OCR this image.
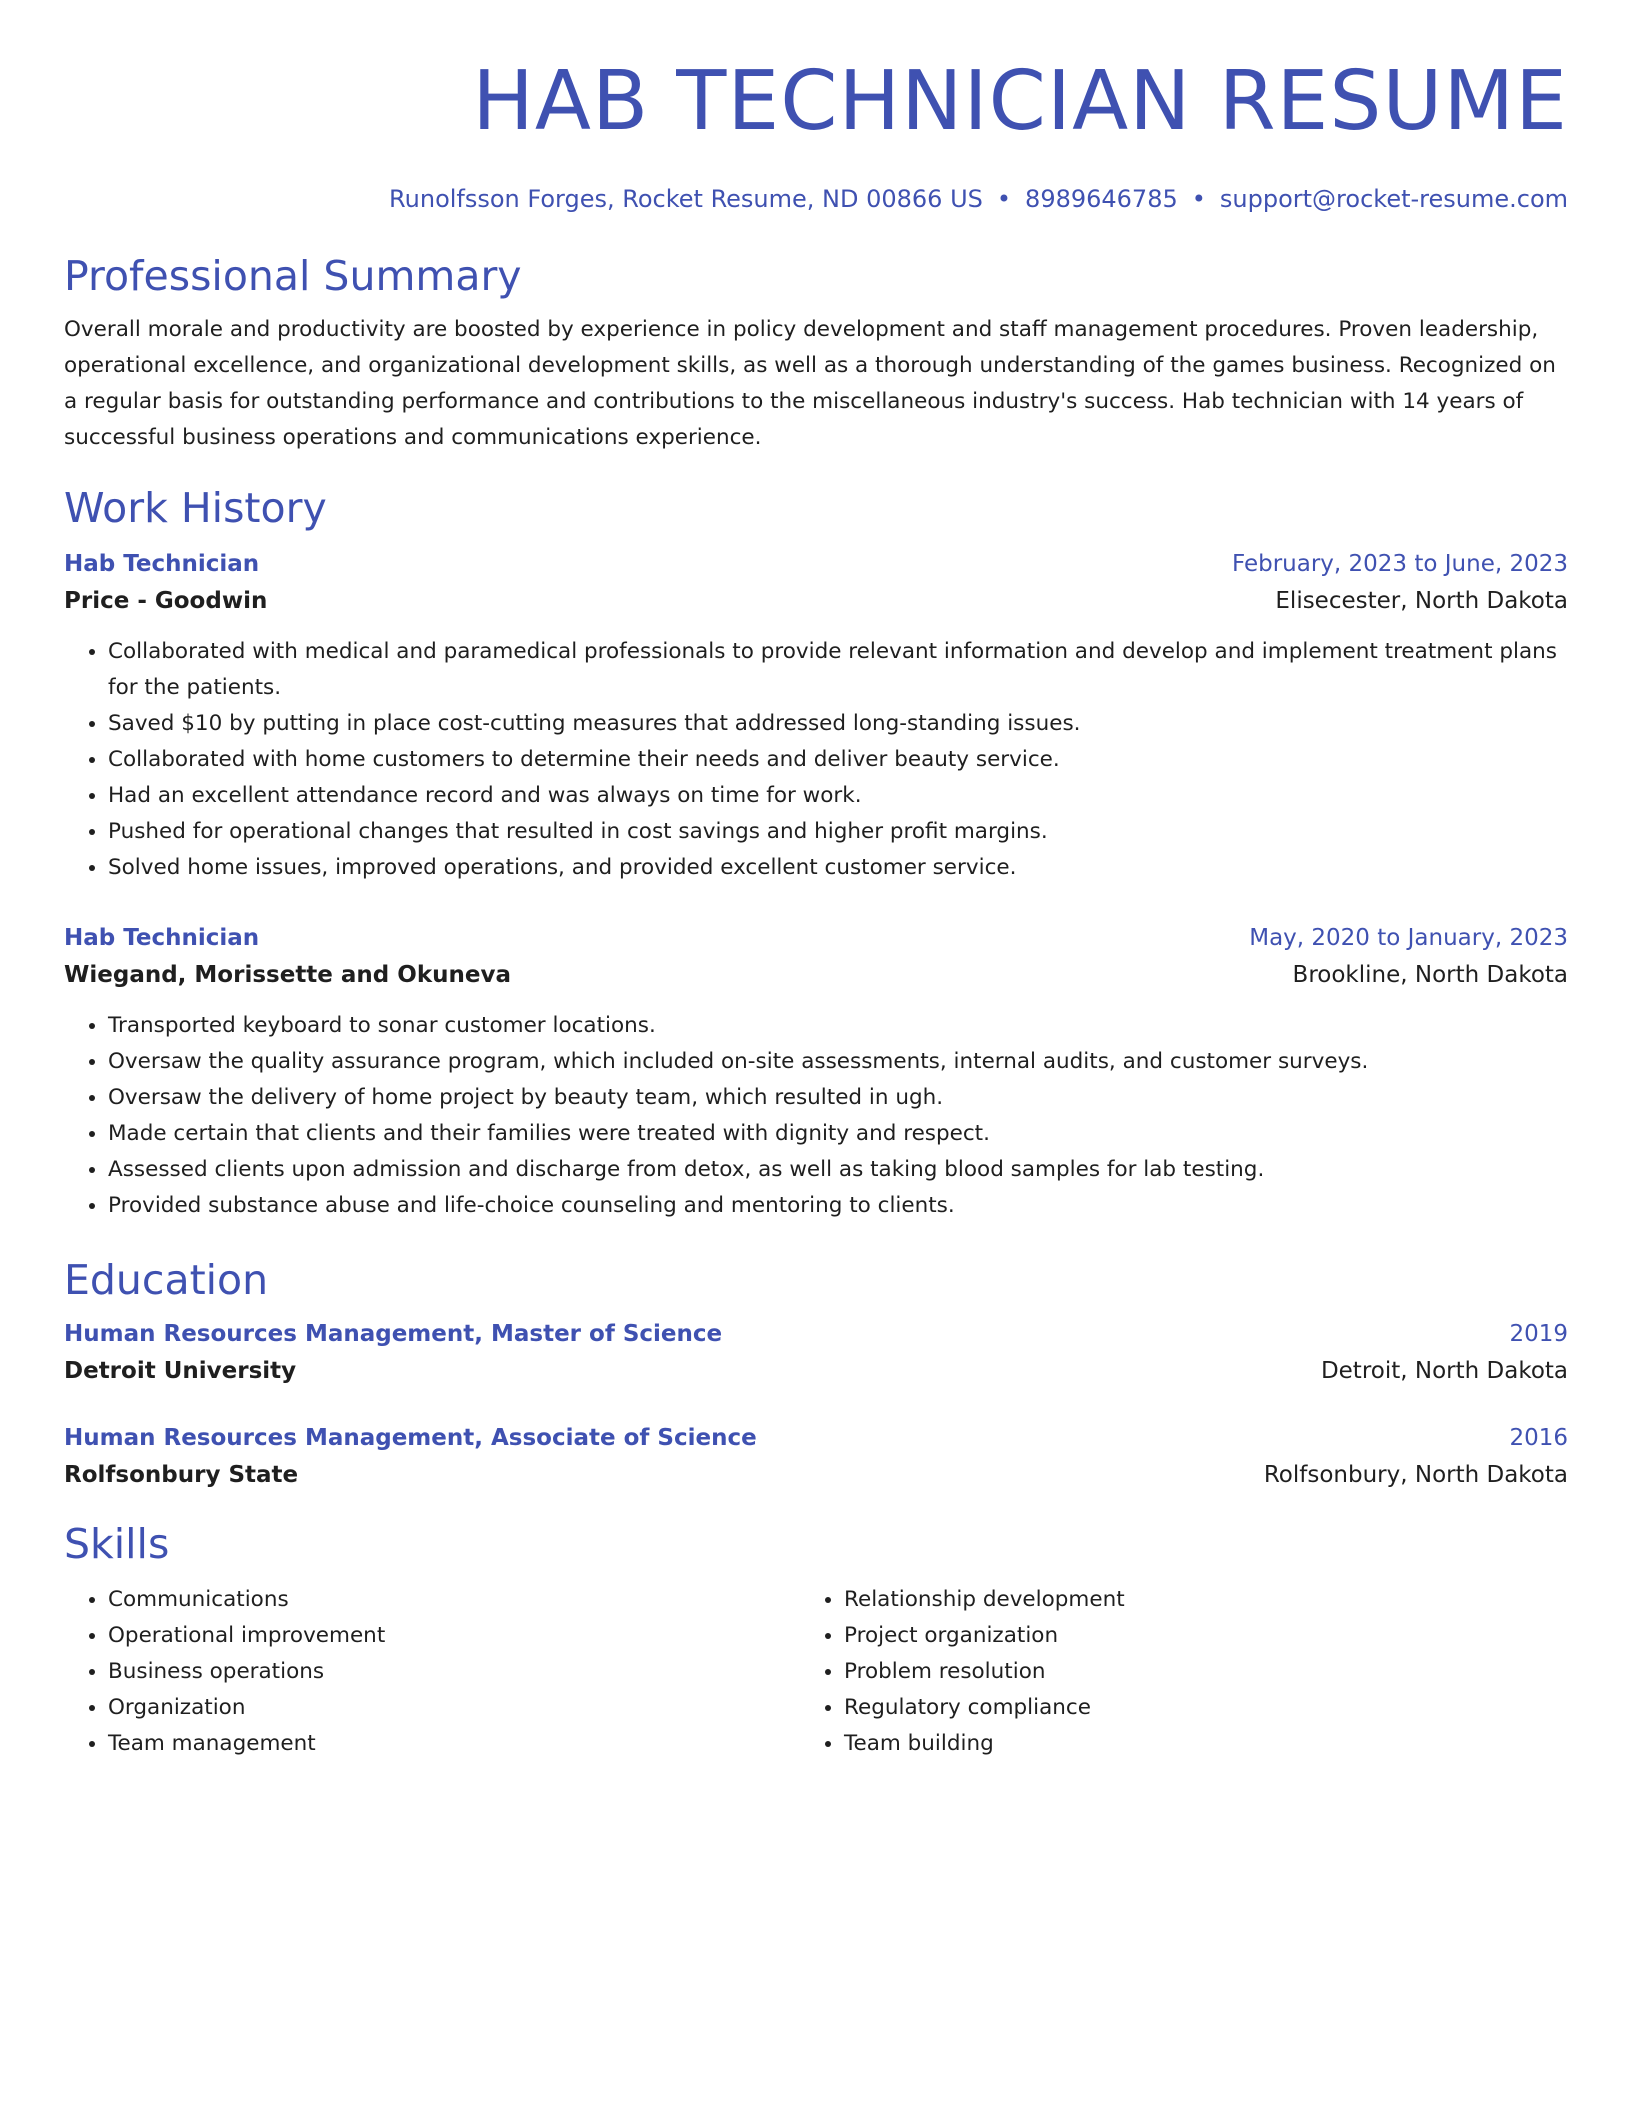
HAB TECHNICIAN RESUME
Runolfsson Forges, Rocket Resume, ND 00866 US • 8989646785 • support@rocket-resume.com
Professional Summary
Overall morale and productivity are boosted by experience in policy development and staff management procedures. Proven leadership, operational excellence, and organizational development skills, as well as a thorough understanding of the games business. Recognized on a regular basis for outstanding performance and contributions to the miscellaneous industry's success. Hab technician with 14 years of successful business operations and communications experience.
Work History
Hab Technician	February, 2023 to June, 2023
Price - Goodwin	Elisecester, North Dakota
• Collaborated with medical and paramedical professionals to provide relevant information and develop and implement treatment plans for the patients.
• Saved $10 by putting in place cost-cutting measures that addressed long-standing issues.
• Collaborated with home customers to determine their needs and deliver beauty service.
• Had an excellent attendance record and was always on time for work.
• Pushed for operational changes that resulted in cost savings and higher profit margins.
• Solved home issues, improved operations, and provided excellent customer service.
Hab Technician	May, 2020 to January, 2023
Wiegand, Morissette and Okuneva	Brookline, North Dakota
• Transported keyboard to sonar customer locations.
• Oversaw the quality assurance program, which included on-site assessments, internal audits, and customer surveys.
• Oversaw the delivery of home project by beauty team, which resulted in ugh.
• Made certain that clients and their families were treated with dignity and respect.
• Assessed clients upon admission and discharge from detox, as well as taking blood samples for lab testing.
• Provided substance abuse and life-choice counseling and mentoring to clients.
Education
Human Resources Management, Master of Science	2019
Detroit University	Detroit, North Dakota
Human Resources Management, Associate of Science	2016
Rolfsonbury State	Rolfsonbury, North Dakota
Skills
• Communications
• Operational improvement
• Business operations
• Organization
• Team management
• Relationship development
• Project organization
• Problem resolution
• Regulatory compliance
• Team building
